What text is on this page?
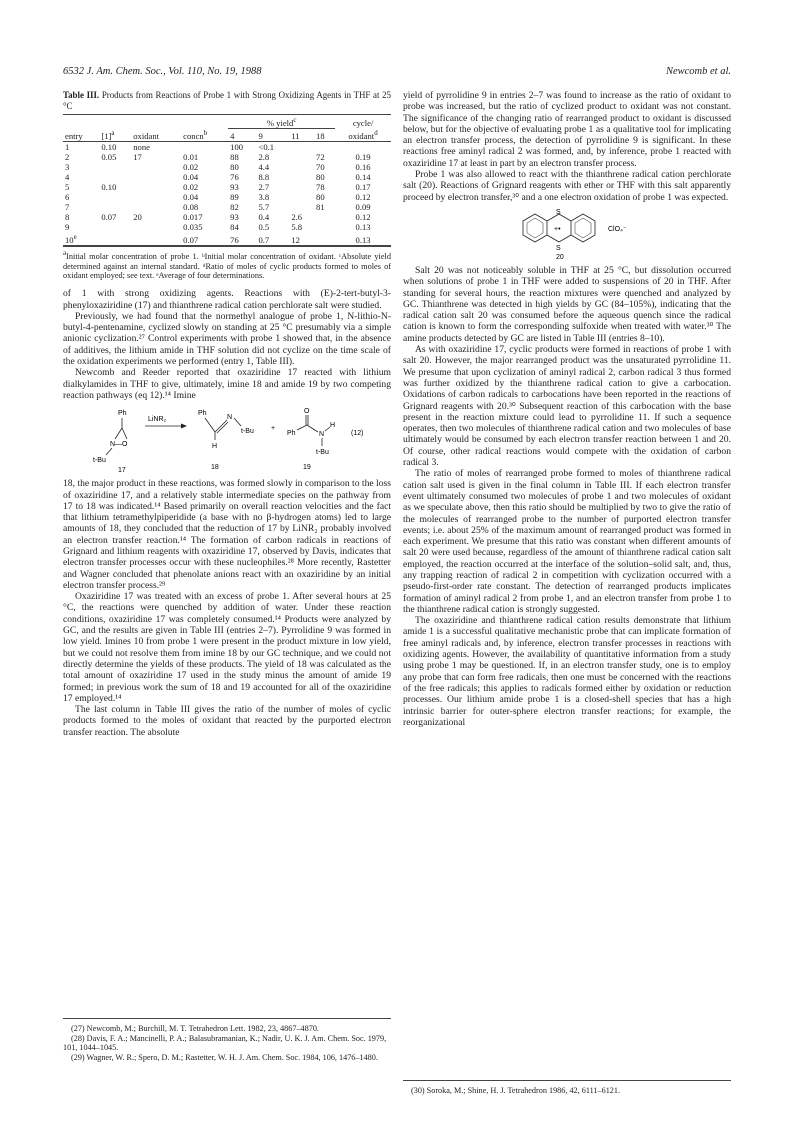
6532 J. Am. Chem. Soc., Vol. 110, No. 19, 1988	Newcomb et al.
Table III. Products from Reactions of Probe 1 with Strong Oxidizing Agents in THF at 25 °C
				% yield$^c$				cycle/
entry	$[1]^a$	oxidant	concn$^b$	4	9	11	18	oxidant$^d$
1	0.10	none		100	<0.1			
2	0.05	17	0.01	88	2.8		72	0.19
3			0.02	80	4.4		70	0.16
4			0.04	76	8.8		80	0.14
5	0.10		0.02	93	2.7		78	0.17
6			0.04	89	3.8		80	0.12
7			0.08	82	5.7		81	0.09
8	0.07	20	0.017	93	0.4	2.6		0.12
9			0.035	84	0.5	5.8		0.13
10e			0.07	76	0.7	12		0.13
$^a$Initial molar concentration of probe 1. ᵇInitial molar concentration of oxidant. ᶜAbsolute yield determined against an internal standard. ᵈRatio of moles of cyclic products formed to moles of oxidant employed; see text. ᵉAverage of four determinations.

of 1 with strong oxidizing agents. Reactions with (E)-2-tert-butyl-3-phenyloxaziridine (17) and thianthrene radical cation perchlorate salt were studied.

Previously, we had found that the normethyl analogue of probe 1, N-lithio-N-butyl-4-pentenamine, cyclized slowly on standing at 25 °C presumably via a simple anionic cyclization.²⁷ Control experiments with probe 1 showed that, in the absence of additives, the lithium amide in THF solution did not cyclize on the time scale of the oxidation experiments we performed (entry 1, Table III).

Newcomb and Reeder reported that oxaziridine 17 reacted with lithium dialkylamides in THF to give, ultimately, imine 18 and amide 19 by two competing reaction pathways (eq 12).¹⁴ Imine

Ph
N—O
t-Bu
17
LiNR₂
Ph
N
t-Bu
H
18
+
O
Ph	N
H
t-Bu
19
(12)

18, the major product in these reactions, was formed slowly in comparison to the loss of oxaziridine 17, and a relatively stable intermediate species on the pathway from 17 to 18 was indicated.¹⁴ Based primarily on overall reaction velocities and the fact that lithium tetramethylpiperidide (a base with no β-hydrogen atoms) led to large amounts of 18, they concluded that the reduction of 17 by LiNR₂ probably involved an electron transfer reaction.¹⁴ The formation of carbon radicals in reactions of Grignard and lithium reagents with oxaziridine 17, observed by Davis, indicates that electron transfer processes occur with these nucleophiles.²⁸ More recently, Rastetter and Wagner concluded that phenolate anions react with an oxaziridine by an initial electron transfer process.²⁹

Oxaziridine 17 was treated with an excess of probe 1. After several hours at 25 °C, the reactions were quenched by addition of water. Under these reaction conditions, oxaziridine 17 was completely consumed.¹⁴ Products were analyzed by GC, and the results are given in Table III (entries 2–7). Pyrrolidine 9 was formed in low yield. Imines 10 from probe 1 were present in the product mixture in low yield, but we could not resolve them from imine 18 by our GC technique, and we could not directly determine the yields of these products. The yield of 18 was calculated as the total amount of oxaziridine 17 used in the study minus the amount of amide 19 formed; in previous work the sum of 18 and 19 accounted for all of the oxaziridine 17 employed.¹⁴

The last column in Table III gives the ratio of the number of moles of cyclic products formed to the moles of oxidant that reacted by the purported electron transfer reaction. The absolute

yield of pyrrolidine 9 in entries 2–7 was found to increase as the ratio of oxidant to probe was increased, but the ratio of cyclized product to oxidant was not constant. The significance of the changing ratio of rearranged product to oxidant is discussed below, but for the objective of evaluating probe 1 as a qualitative tool for implicating an electron transfer process, the detection of pyrrolidine 9 is significant. In these reactions free aminyl radical 2 was formed, and, by inference, probe 1 reacted with oxaziridine 17 at least in part by an electron transfer process.

Probe 1 was also allowed to react with the thianthrene radical cation perchlorate salt (20). Reactions of Grignard reagents with ether or THF with this salt apparently proceed by electron transfer,³⁰ and a one electron oxidation of probe 1 was expected.

S
S
+•	ClO₄⁻
20

Salt 20 was not noticeably soluble in THF at 25 °C, but dissolution occurred when solutions of probe 1 in THF were added to suspensions of 20 in THF. After standing for several hours, the reaction mixtures were quenched and analyzed by GC. Thianthrene was detected in high yields by GC (84–105%), indicating that the radical cation salt 20 was consumed before the aqueous quench since the radical cation is known to form the corresponding sulfoxide when treated with water.³⁰ The amine products detected by GC are listed in Table III (entries 8–10).

As with oxaziridine 17, cyclic products were formed in reactions of probe 1 with salt 20. However, the major rearranged product was the unsaturated pyrrolidine 11. We presume that upon cyclization of aminyl radical 2, carbon radical 3 thus formed was further oxidized by the thianthrene radical cation to give a carbocation. Oxidations of carbon radicals to carbocations have been reported in the reactions of Grignard reagents with 20.³⁰ Subsequent reaction of this carbocation with the base present in the reaction mixture could lead to pyrrolidine 11. If such a sequence operates, then two molecules of thianthrene radical cation and two molecules of base ultimately would be consumed by each electron transfer reaction between 1 and 20. Of course, other radical reactions would compete with the oxidation of carbon radical 3.

The ratio of moles of rearranged probe formed to moles of thianthrene radical cation salt used is given in the final column in Table III. If each electron transfer event ultimately consumed two molecules of probe 1 and two molecules of oxidant as we speculate above, then this ratio should be multiplied by two to give the ratio of the molecules of rearranged probe to the number of purported electron transfer events; i.e. about 25% of the maximum amount of rearranged product was formed in each experiment. We presume that this ratio was constant when different amounts of salt 20 were used because, regardless of the amount of thianthrene radical cation salt employed, the reaction occurred at the interface of the solution–solid salt, and, thus, any trapping reaction of radical 2 in competition with cyclization occurred with a pseudo-first-order rate constant. The detection of rearranged products implicates formation of aminyl radical 2 from probe 1, and an electron transfer from probe 1 to the thianthrene radical cation is strongly suggested.

The oxaziridine and thianthrene radical cation results demonstrate that lithium amide 1 is a successful qualitative mechanistic probe that can implicate formation of free aminyl radicals and, by inference, electron transfer processes in reactions with oxidizing agents. However, the availability of quantitative information from a study using probe 1 may be questioned. If, in an electron transfer study, one is to employ any probe that can form free radicals, then one must be concerned with the reactions of the free radicals; this applies to radicals formed either by oxidation or reduction processes. Our lithium amide probe 1 is a closed-shell species that has a high intrinsic barrier for outer-sphere electron transfer reactions; for example, the reorganizational

(27) Newcomb, M.; Burchill, M. T. Tetrahedron Lett. 1982, 23, 4867–4870.

(28) Davis, F. A.; Mancinelli, P. A.; Balasubramanian, K.; Nadir, U. K. J. Am. Chem. Soc. 1979, 101, 1044–1045.

(29) Wagner, W. R.; Spero, D. M.; Rastetter, W. H. J. Am. Chem. Soc. 1984, 106, 1476–1480.

(30) Soroka, M.; Shine, H. J. Tetrahedron 1986, 42, 6111–6121.
